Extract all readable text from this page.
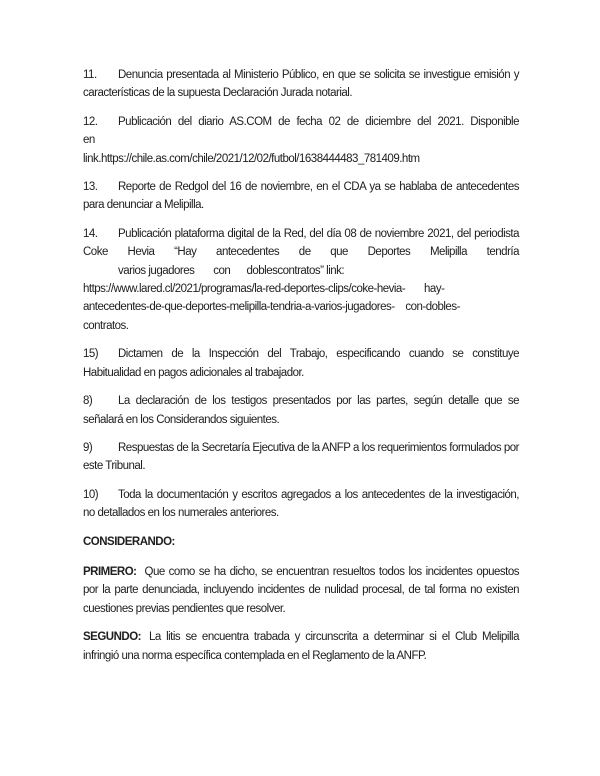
11. Denuncia presentada al Ministerio Público, en que se solicita se investigue emisión y características de la supuesta Declaración Jurada notarial.

12. Publicación del diario AS.COM de fecha 02 de diciembre del 2021. Disponible
en
link.https://chile.as.com/chile/2021/12/02/futbol/1638444483_781409.htm

13. Reporte de Redgol del 16 de noviembre, en el CDA ya se hablaba de antecedentes para denunciar a Melipilla.

14. Publicación plataforma digital de la Red, del día 08 de noviembre 2021, del periodista Coke Hevia “Hay antecedentes de que Deportes Melipilla tendría
varios jugadores       con      doblescontratos” link:
https://www.lared.cl/2021/programas/la-red-deportes-clips/coke-hevia-       hay-
antecedentes-de-que-deportes-melipilla-tendria-a-varios-jugadores-    con-dobles-
contratos.

15) Dictamen de la Inspección del Trabajo, especificando cuando se constituye Habitualidad en pagos adicionales al trabajador.

8) La declaración de los testigos presentados por las partes, según detalle que se señalará en los Considerandos siguientes.

9) Respuestas de la Secretaría Ejecutiva de la ANFP a los requerimientos formulados por este Tribunal.

10) Toda la documentación y escritos agregados a los antecedentes de la investigación, no detallados en los numerales anteriores.

CONSIDERANDO:

PRIMERO: Que como se ha dicho, se encuentran resueltos todos los incidentes opuestos por la parte denunciada, incluyendo incidentes de nulidad procesal, de tal forma no existen cuestiones previas pendientes que resolver.

SEGUNDO: La litis se encuentra trabada y circunscrita a determinar si el Club Melipilla infringió una norma específica contemplada en el Reglamento de la ANFP.
